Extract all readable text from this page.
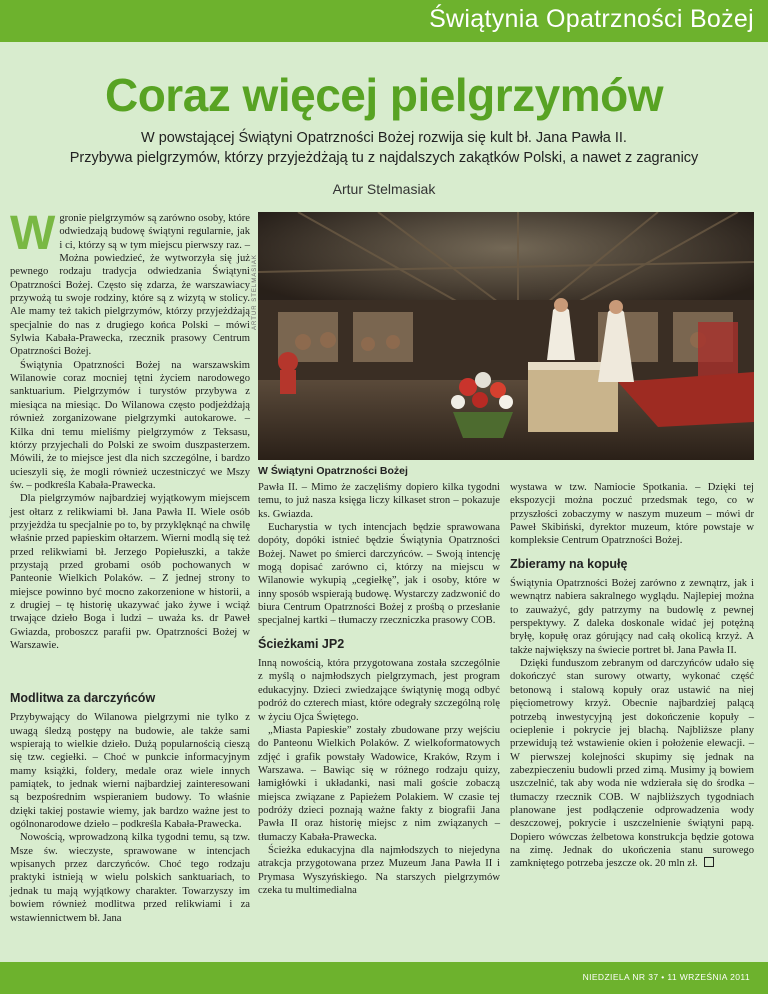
Świątynia Opatrzności Bożej
Coraz więcej pielgrzymów
W powstającej Świątyni Opatrzności Bożej rozwija się kult bł. Jana Pawła II.
Przybywa pielgrzymów, którzy przyjeżdżają tu z najdalszych zakątków Polski, a nawet z zagranicy
Artur Stelmasiak

Wgronie pielgrzymów są zarówno osoby, które odwiedzają budowę świątyni regularnie, jak i ci, którzy są w tym miejscu pierwszy raz. – Można powiedzieć, że wytworzyła się już pewnego rodzaju tradycja odwiedzania Świątyni Opatrzności Bożej. Często się zdarza, że warszawiacy przywożą tu swoje rodziny, które są z wizytą w stolicy. Ale mamy też takich pielgrzymów, którzy przyjeżdżają specjalnie do nas z drugiego końca Polski – mówi Sylwia Kabała-Prawecka, rzecznik prasowy Centrum Opatrzności Bożej.

Świątynia Opatrzności Bożej na warszawskim Wilanowie coraz mocniej tętni życiem narodowego sanktuarium. Pielgrzymów i turystów przybywa z miesiąca na miesiąc. Do Wilanowa często podjeżdżają również zorganizowane pielgrzymki autokarowe. – Kilka dni temu mieliśmy pielgrzymów z Teksasu, którzy przyjechali do Polski ze swoim duszpasterzem. Mówili, że to miejsce jest dla nich szczególne, i bardzo ucieszyli się, że mogli również uczestniczyć we Mszy św. – podkreśla Kabała-Prawecka.

Dla pielgrzymów najbardziej wyjątkowym miejscem jest ołtarz z relikwiami bł. Jana Pawła II. Wiele osób przyjeżdża tu specjalnie po to, by przyklęknąć na chwilę właśnie przed papieskim ołtarzem. Wierni modlą się też przed relikwiami bł. Jerzego Popiełuszki, a także przystają przed grobami osób pochowanych w Panteonie Wielkich Polaków. – Z jednej strony to miejsce powinno być mocno zakorzenione w historii, a z drugiej – tę historię ukazywać jako żywe i wciąż trwające dzieło Boga i ludzi – uważa ks. dr Paweł Gwiazda, proboszcz parafii pw. Opatrzności Bożej w Warszawie.

Modlitwa za darczyńców

Przybywający do Wilanowa pielgrzymi nie tylko z uwagą śledzą postępy na budowie, ale także sami wspierają to wielkie dzieło. Dużą popularnością cieszą się tzw. cegiełki. – Choć w punkcie informacyjnym mamy książki, foldery, medale oraz wiele innych pamiątek, to jednak wierni najbardziej zainteresowani są bezpośrednim wspieraniem budowy. To właśnie dzięki takiej postawie wiemy, jak bardzo ważne jest to ogólnonarodowe dzieło – podkreśla Kabała-Prawecka.

Nowością, wprowadzoną kilka tygodni temu, są tzw. Msze św. wieczyste, sprawowane w intencjach wpisanych przez darczyńców. Choć tego rodzaju praktyki istnieją w wielu polskich sanktuariach, to jednak tu mają wyjątkowy charakter. Towarzyszy im bowiem również modlitwa przed relikwiami i za wstawiennictwem bł. Jana

ARTUR STELMASIAK
W Świątyni Opatrzności Bożej

Pawła II. – Mimo że zaczęliśmy dopiero kilka tygodni temu, to już nasza księga liczy kilkaset stron – pokazuje ks. Gwiazda.

Eucharystia w tych intencjach będzie sprawowana dopóty, dopóki istnieć będzie Świątynia Opatrzności Bożej. Nawet po śmierci darczyńców. – Swoją intencję mogą dopisać zarówno ci, którzy na miejscu w Wilanowie wykupią „cegiełkę”, jak i osoby, które w inny sposób wspierają budowę. Wystarczy zadzwonić do biura Centrum Opatrzności Bożej z prośbą o przesłanie specjalnej kartki – tłumaczy rzeczniczka prasowy COB.

Ścieżkami JP2

Inną nowością, która przygotowana została szczególnie z myślą o najmłodszych pielgrzymach, jest program edukacyjny. Dzieci zwiedzające świątynię mogą odbyć podróż do czterech miast, które odegrały szczególną rolę w życiu Ojca Świętego.

„Miasta Papieskie” zostały zbudowane przy wejściu do Panteonu Wielkich Polaków. Z wielkoformatowych zdjęć i grafik powstały Wadowice, Kraków, Rzym i Warszawa. – Bawiąc się w różnego rodzaju quizy, łamigłówki i układanki, nasi mali goście zobaczą miejsca związane z Papieżem Polakiem. W czasie tej podróży dzieci poznają ważne fakty z biografii Jana Pawła II oraz historię miejsc z nim związanych – tłumaczy Kabała-Prawecka.

Ścieżka edukacyjna dla najmłodszych to niejedyna atrakcja przygotowana przez Muzeum Jana Pawła II i Prymasa Wyszyńskiego. Na starszych pielgrzymów czeka tu multimedialna

wystawa w tzw. Namiocie Spotkania. – Dzięki tej ekspozycji można poczuć przedsmak tego, co w przyszłości zobaczymy w naszym muzeum – mówi dr Paweł Skibiński, dyrektor muzeum, które powstaje w kompleksie Centrum Opatrzności Bożej.

Zbieramy na kopułę

Świątynia Opatrzności Bożej zarówno z zewnątrz, jak i wewnątrz nabiera sakralnego wyglądu. Najlepiej można to zauważyć, gdy patrzymy na budowlę z pewnej perspektywy. Z daleka doskonale widać jej potężną bryłę, kopułę oraz górujący nad całą okolicą krzyż. A także największy na świecie portret bł. Jana Pawła II.

Dzięki funduszom zebranym od darczyńców udało się dokończyć stan surowy otwarty, wykonać część betonową i stalową kopuły oraz ustawić na niej pięciometrowy krzyż. Obecnie najbardziej palącą potrzebą inwestycyjną jest dokończenie kopuły – ocieplenie i pokrycie jej blachą. Najbliższe plany przewidują też wstawienie okien i położenie elewacji. – W pierwszej kolejności skupimy się jednak na zabezpieczeniu budowli przed zimą. Musimy ją bowiem uszczelnić, tak aby woda nie wdzierała się do środka – tłumaczy rzecznik COB. W najbliższych tygodniach planowane jest podłączenie odprowadzenia wody deszczowej, pokrycie i uszczelnienie świątyni papą. Dopiero wówczas żelbetowa konstrukcja będzie gotowa na zimę. Jednak do ukończenia stanu surowego zamkniętego potrzeba jeszcze ok. 20 mln zł.

NIEDZIELA NR 37 • 11 WRZEŚNIA 2011
